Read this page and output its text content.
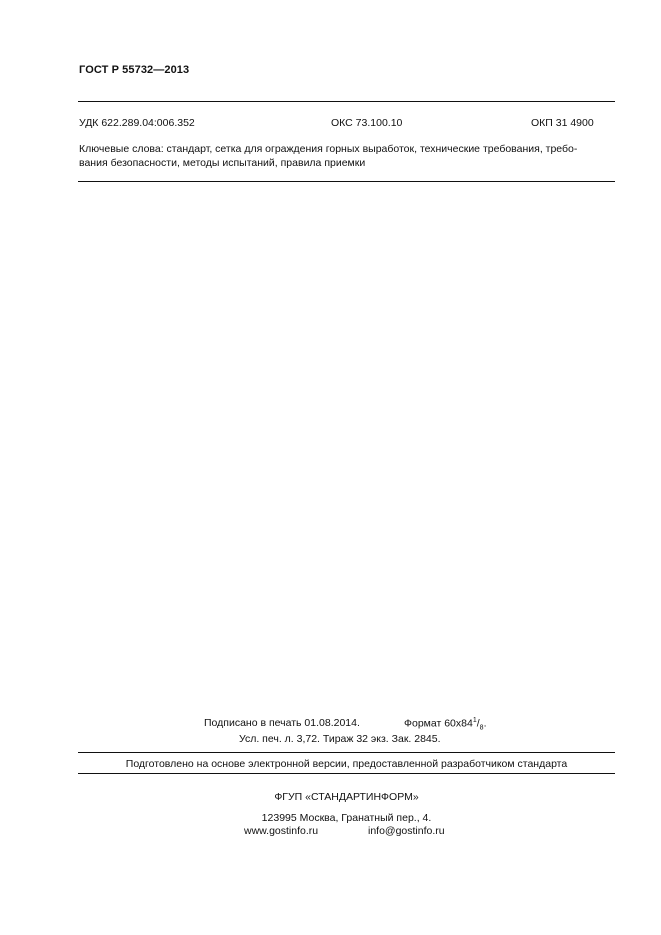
ГОСТ Р 55732—2013
УДК 622.289.04:006.352	ОКС 73.100.10	ОКП 31 4900
Ключевые слова: стандарт, сетка для ограждения горных выработок, технические требования, требо-
вания безопасности, методы испытаний, правила приемки
Подписано в печать 01.08.2014.	Формат $60x84^1/_8$.
Усл. печ. л. 3,72. Тираж 32 экз. Зак. 2845.
Подготовлено на основе электронной версии, предоставленной разработчиком стандарта
ФГУП «СТАНДАРТИНФОРМ»
123995 Москва, Гранатный пер., 4.
www.gostinfo.ru	info@gostinfo.ru
